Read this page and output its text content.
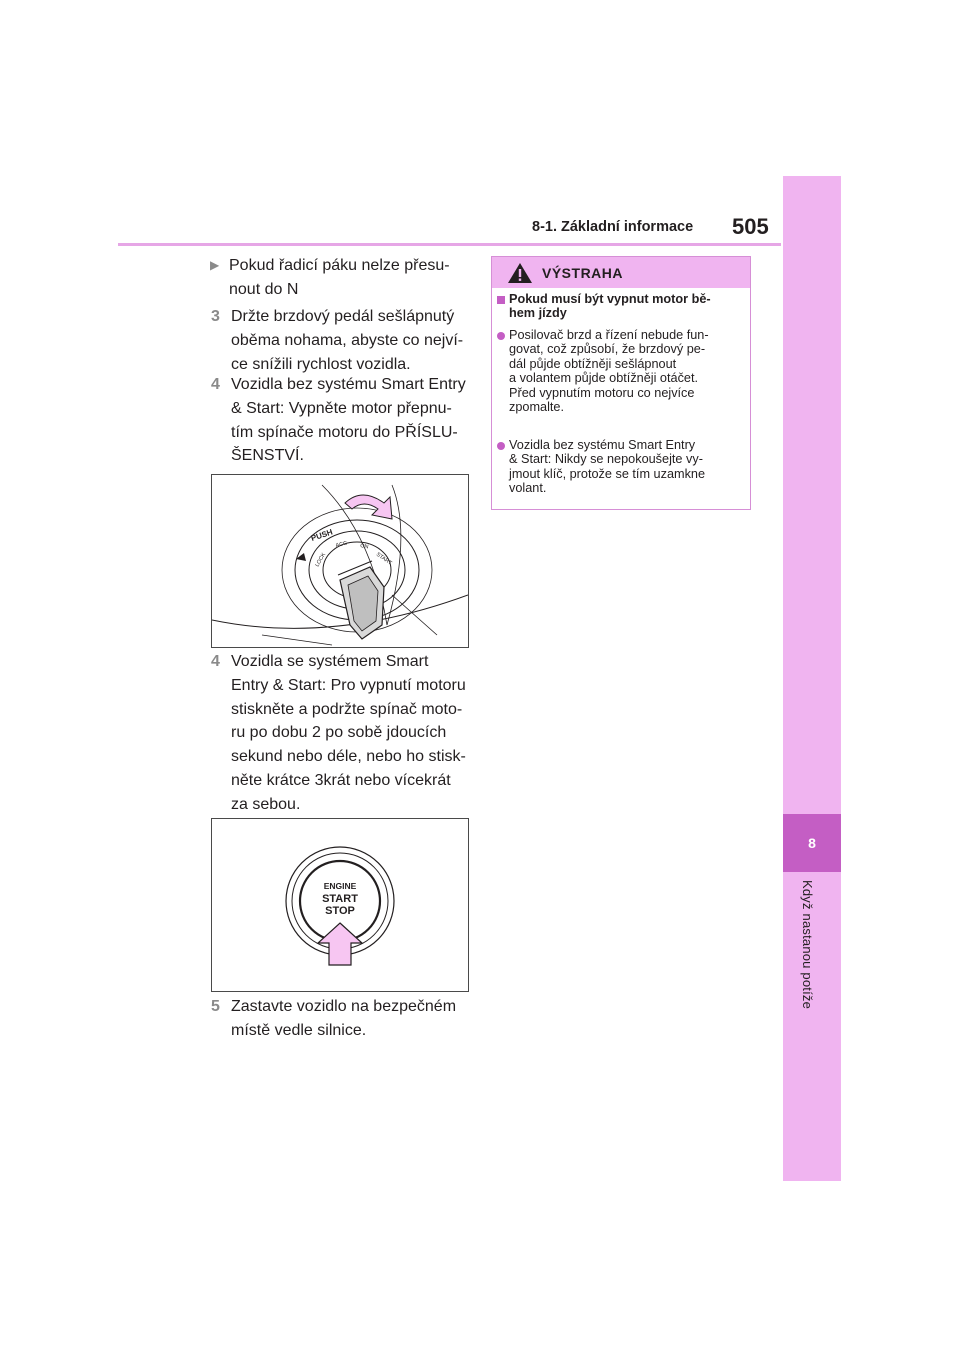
8
Když nastanou potíže
8-1. Základní informace 505
▶ Pokud řadicí páku nelze přesu-
nout do N
3 Držte brzdový pedál sešlápnutý
oběma nohama, abyste co nejví-
ce snížili rychlost vozidla.
4 Vozidla bez systému Smart Entry
& Start: Vypněte motor přepnu-
tím spínače motoru do PŘÍSLU-
ŠENSTVÍ.
PUSH
LOCK
ACC ON
START
4 Vozidla se systémem Smart
Entry & Start: Pro vypnutí motoru
stiskněte a podržte spínač moto-
ru po dobu 2 po sobě jdoucích
sekund nebo déle, nebo ho stisk-
něte krátce 3krát nebo vícekrát
za sebou.
ENGINE
START
STOP
5 Zastavte vozidlo na bezpečném
místě vedle silnice.
VÝSTRAHA
Pokud musí být vypnut motor bě-
hem jízdy
Posilovač brzd a řízení nebude fun-
govat, což způsobí, že brzdový pe-
dál půjde obtížněji sešlápnout
a volantem půjde obtížněji otáčet.
Před vypnutím motoru co nejvíce
zpomalte.
Vozidla bez systému Smart Entry
& Start: Nikdy se nepokoušejte vy-
jmout klíč, protože se tím uzamkne
volant.
